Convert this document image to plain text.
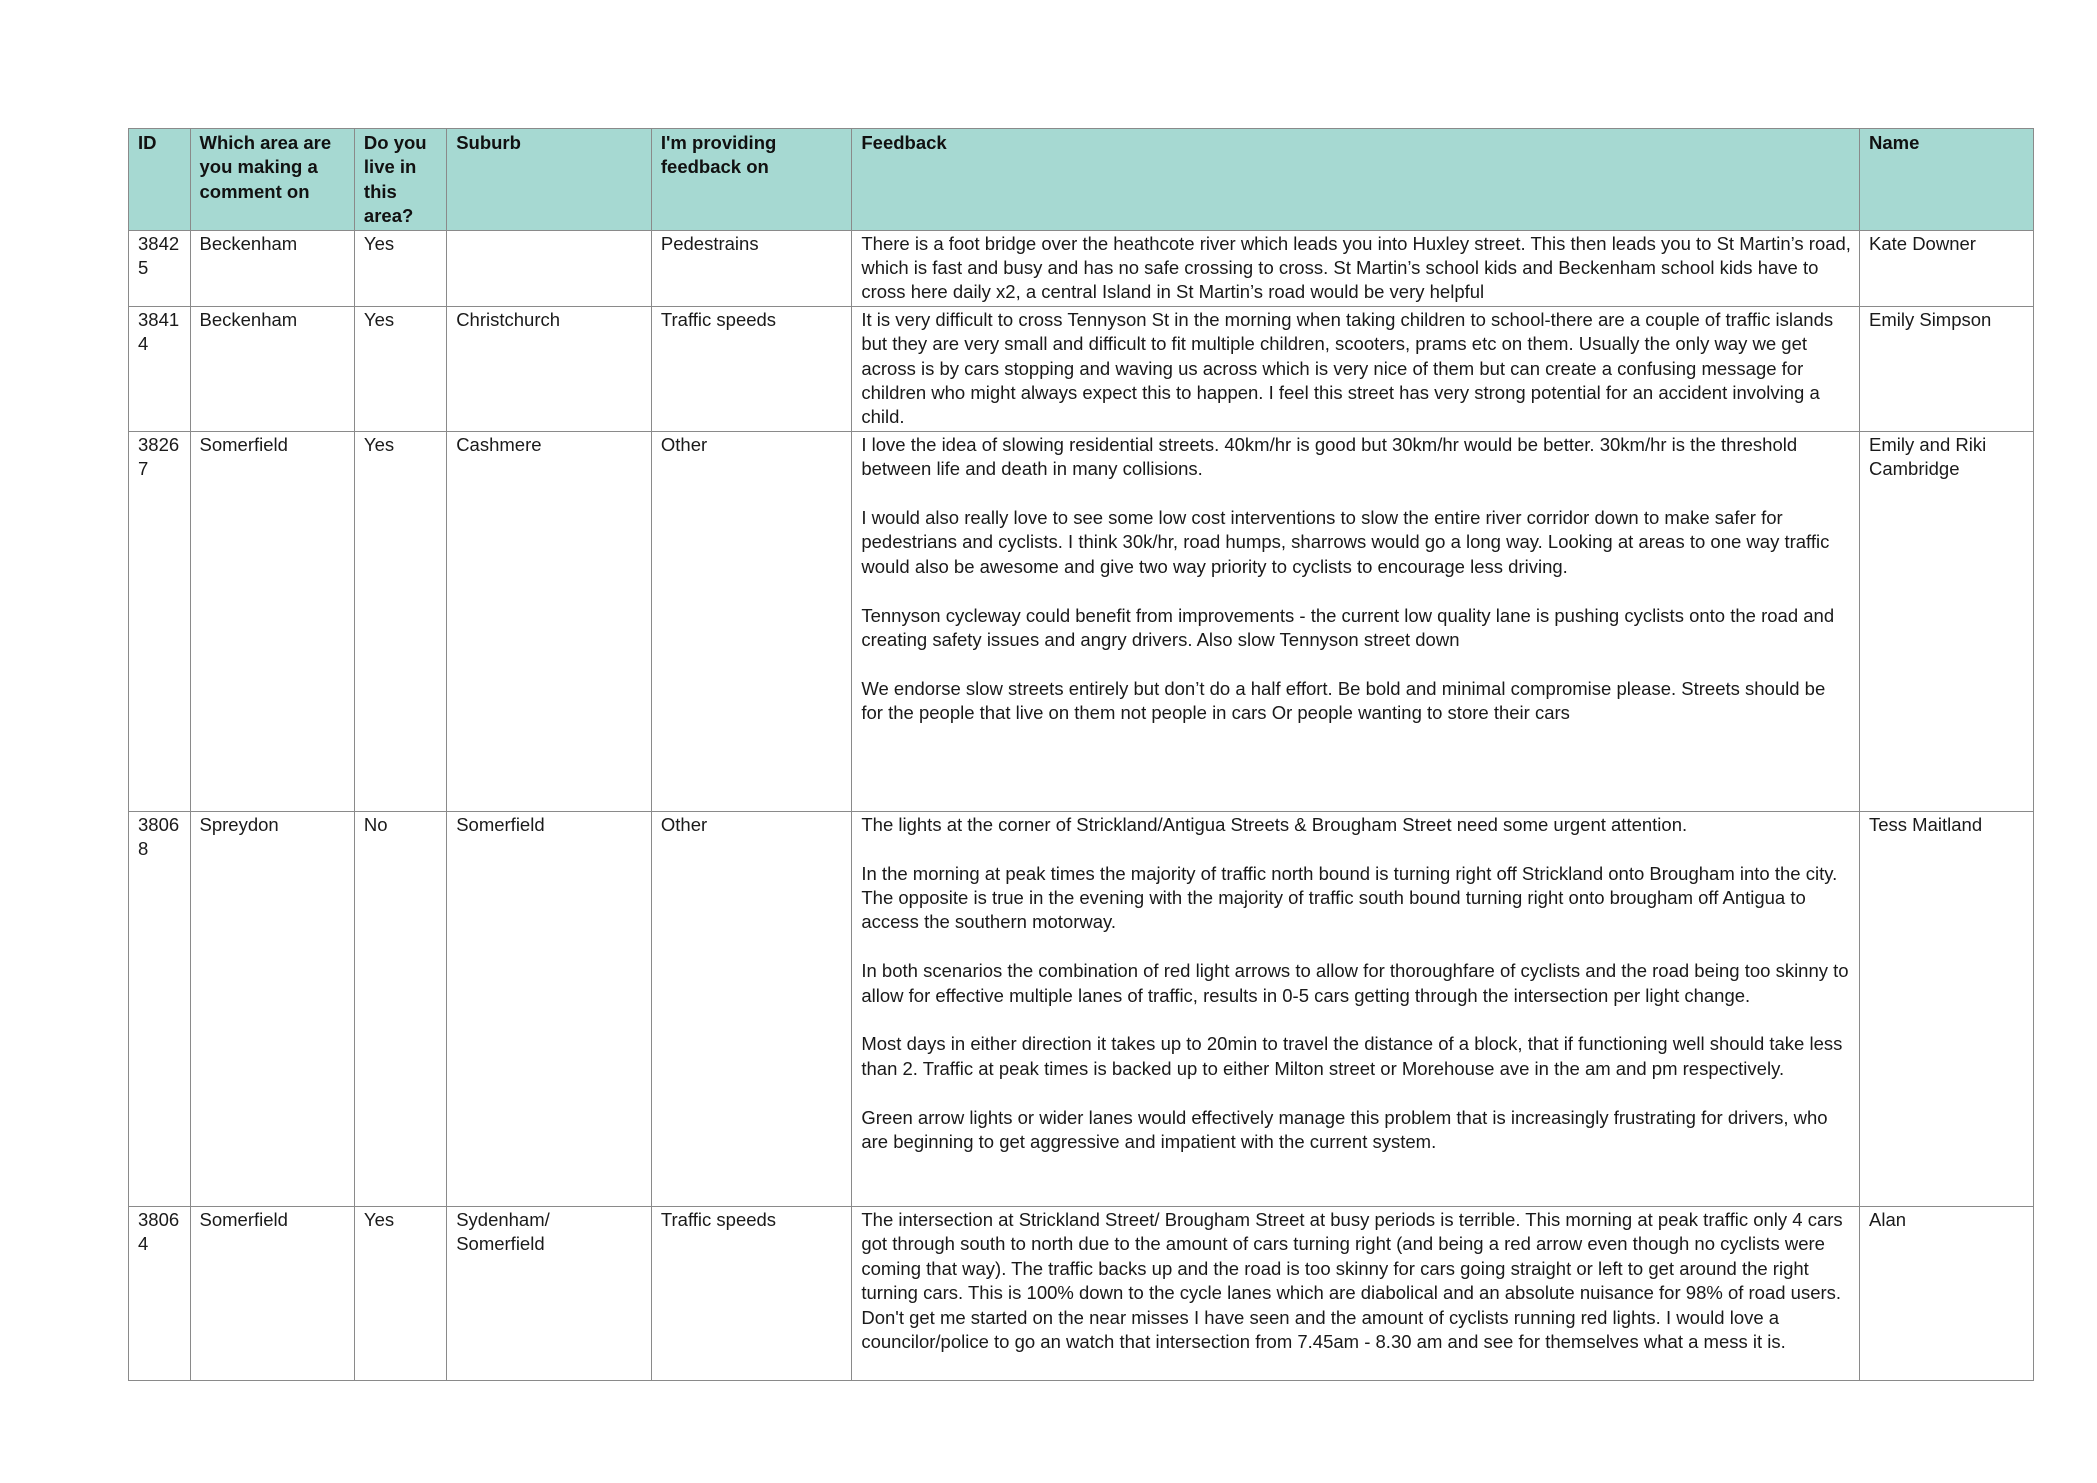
ID	Which area are you making a comment on	Do you live in this area?	Suburb	I'm providing feedback on	Feedback	Name
38425	Beckenham	Yes		Pedestrains	There is a foot bridge over the heathcote river which leads you into Huxley street. This then leads you to St Martin’s road, which is fast and busy and has no safe crossing to cross. St Martin’s school kids and Beckenham school kids have to cross here daily x2, a central Island in St Martin’s road would be very helpful	Kate Downer
38414	Beckenham	Yes	Christchurch	Traffic speeds	It is very difficult to cross Tennyson St in the morning when taking children to school-there are a couple of traffic islands but they are very small and difficult to fit multiple children, scooters, prams etc on them. Usually the only way we get across is by cars stopping and waving us across which is very nice of them but can create a confusing message for children who might always expect this to happen. I feel this street has very strong potential for an accident involving a child.	Emily Simpson
38267	Somerfield	Yes	Cashmere	Other	I love the idea of slowing residential streets. 40km/hr is good but 30km/hr would be better. 30km/hr is the threshold between life and death in many collisions.
I would also really love to see some low cost interventions to slow the entire river corridor down to make safer for pedestrians and cyclists. I think 30k/hr, road humps, sharrows would go a long way. Looking at areas to one way traffic would also be awesome and give two way priority to cyclists to encourage less driving.
Tennyson cycleway could benefit from improvements - the current low quality lane is pushing cyclists onto the road and creating safety issues and angry drivers. Also slow Tennyson street down
We endorse slow streets entirely but don’t do a half effort. Be bold and minimal compromise please. Streets should be for the people that live on them not people in cars Or people wanting to store their cars	Emily and Riki Cambridge
38068	Spreydon	No	Somerfield	Other	The lights at the corner of Strickland/Antigua Streets & Brougham Street need some urgent attention.
In the morning at peak times the majority of traffic north bound is turning right off Strickland onto Brougham into the city. The opposite is true in the evening with the majority of traffic south bound turning right onto brougham off Antigua to access the southern motorway.
In both scenarios the combination of red light arrows to allow for thoroughfare of cyclists and the road being too skinny to allow for effective multiple lanes of traffic, results in 0-5 cars getting through the intersection per light change.
Most days in either direction it takes up to 20min to travel the distance of a block, that if functioning well should take less than 2. Traffic at peak times is backed up to either Milton street or Morehouse ave in the am and pm respectively.
Green arrow lights or wider lanes would effectively manage this problem that is increasingly frustrating for drivers, who are beginning to get aggressive and impatient with the current system.	Tess Maitland
38064	Somerfield	Yes	Sydenham/ Somerfield	Traffic speeds	The intersection at Strickland Street/ Brougham Street at busy periods is terrible. This morning at peak traffic only 4 cars got through south to north due to the amount of cars turning right (and being a red arrow even though no cyclists were coming that way). The traffic backs up and the road is too skinny for cars going straight or left to get around the right turning cars. This is 100% down to the cycle lanes which are diabolical and an absolute nuisance for 98% of road users. Don't get me started on the near misses I have seen and the amount of cyclists running red lights. I would love a councilor/police to go an watch that intersection from 7.45am - 8.30 am and see for themselves what a mess it is.	Alan
